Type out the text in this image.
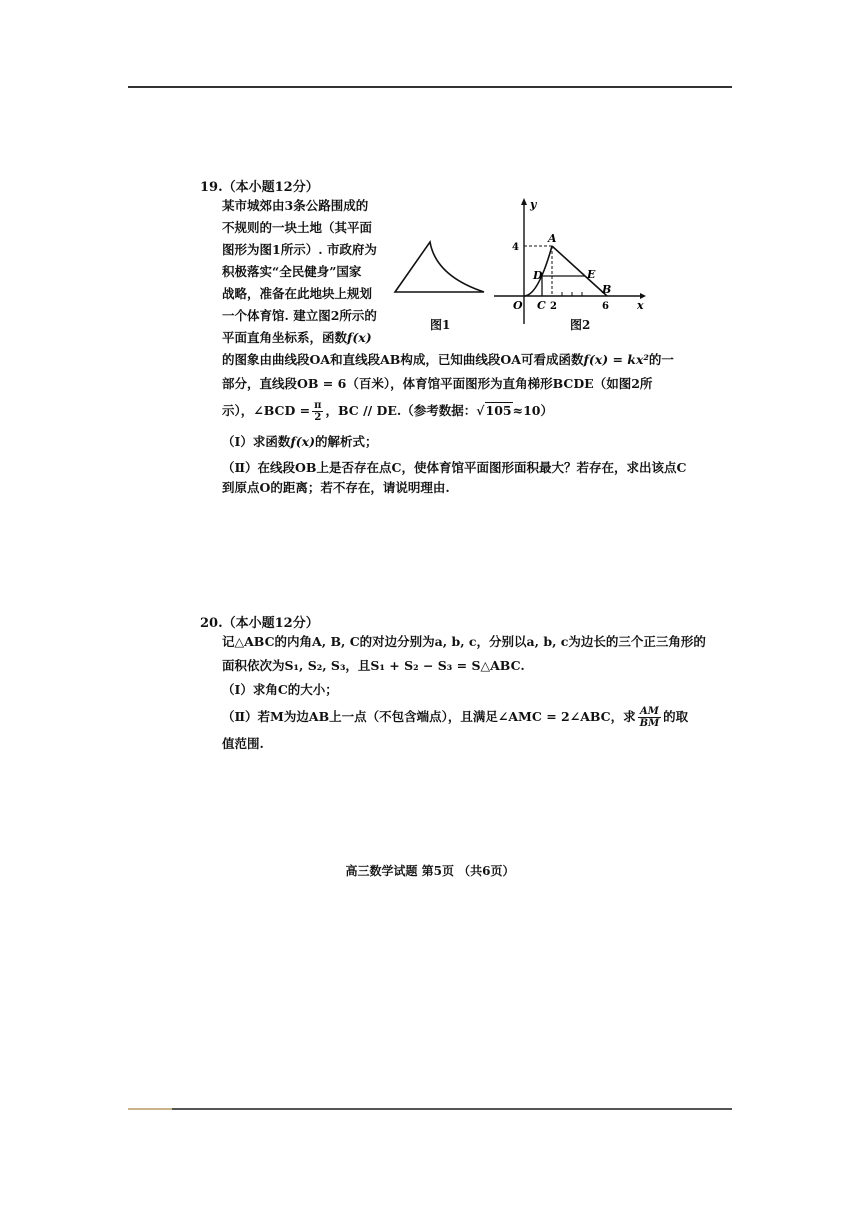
19.（本小题12分）
某市城郊由3条公路围成的
不规则的一块土地（其平面
图形为图1所示）. 市政府为
积极落实“全民健身”国家
战略，准备在此地块上规划
一个体育馆. 建立图2所示的
平面直角坐标系，函数f(x)
图1
y
x
O
4
2	6
A
B
C
D	E
图2
的图象由曲线段OA和直线段AB构成，已知曲线段OA可看成函数f(x) = kx²的一
部分，直线段OB = 6（百米），体育馆平面图形为直角梯形BCDE（如图2所
示），∠BCD = $\frac{\pi}{2}$ ，BC // DE.（参考数据：√105≈10）
（Ⅰ）求函数f(x)的解析式；
（Ⅱ）在线段OB上是否存在点C，使体育馆平面图形面积最大？若存在，求出该点C
到原点O的距离；若不存在，请说明理由.
20.（本小题12分）
记△ABC的内角A, B, C的对边分别为a, b, c，分别以a, b, c为边长的三个正三角形的
面积依次为S₁, S₂, S₃，且S₁ + S₂ − S₃ = S△ABC.
（Ⅰ）求角C的大小；
（Ⅱ）若M为边AB上一点（不包含端点），且满足∠AMC = 2∠ABC，求 $\frac{AM}{BM}$ 的取
值范围.
高三数学试题 第5页 （共6页）
